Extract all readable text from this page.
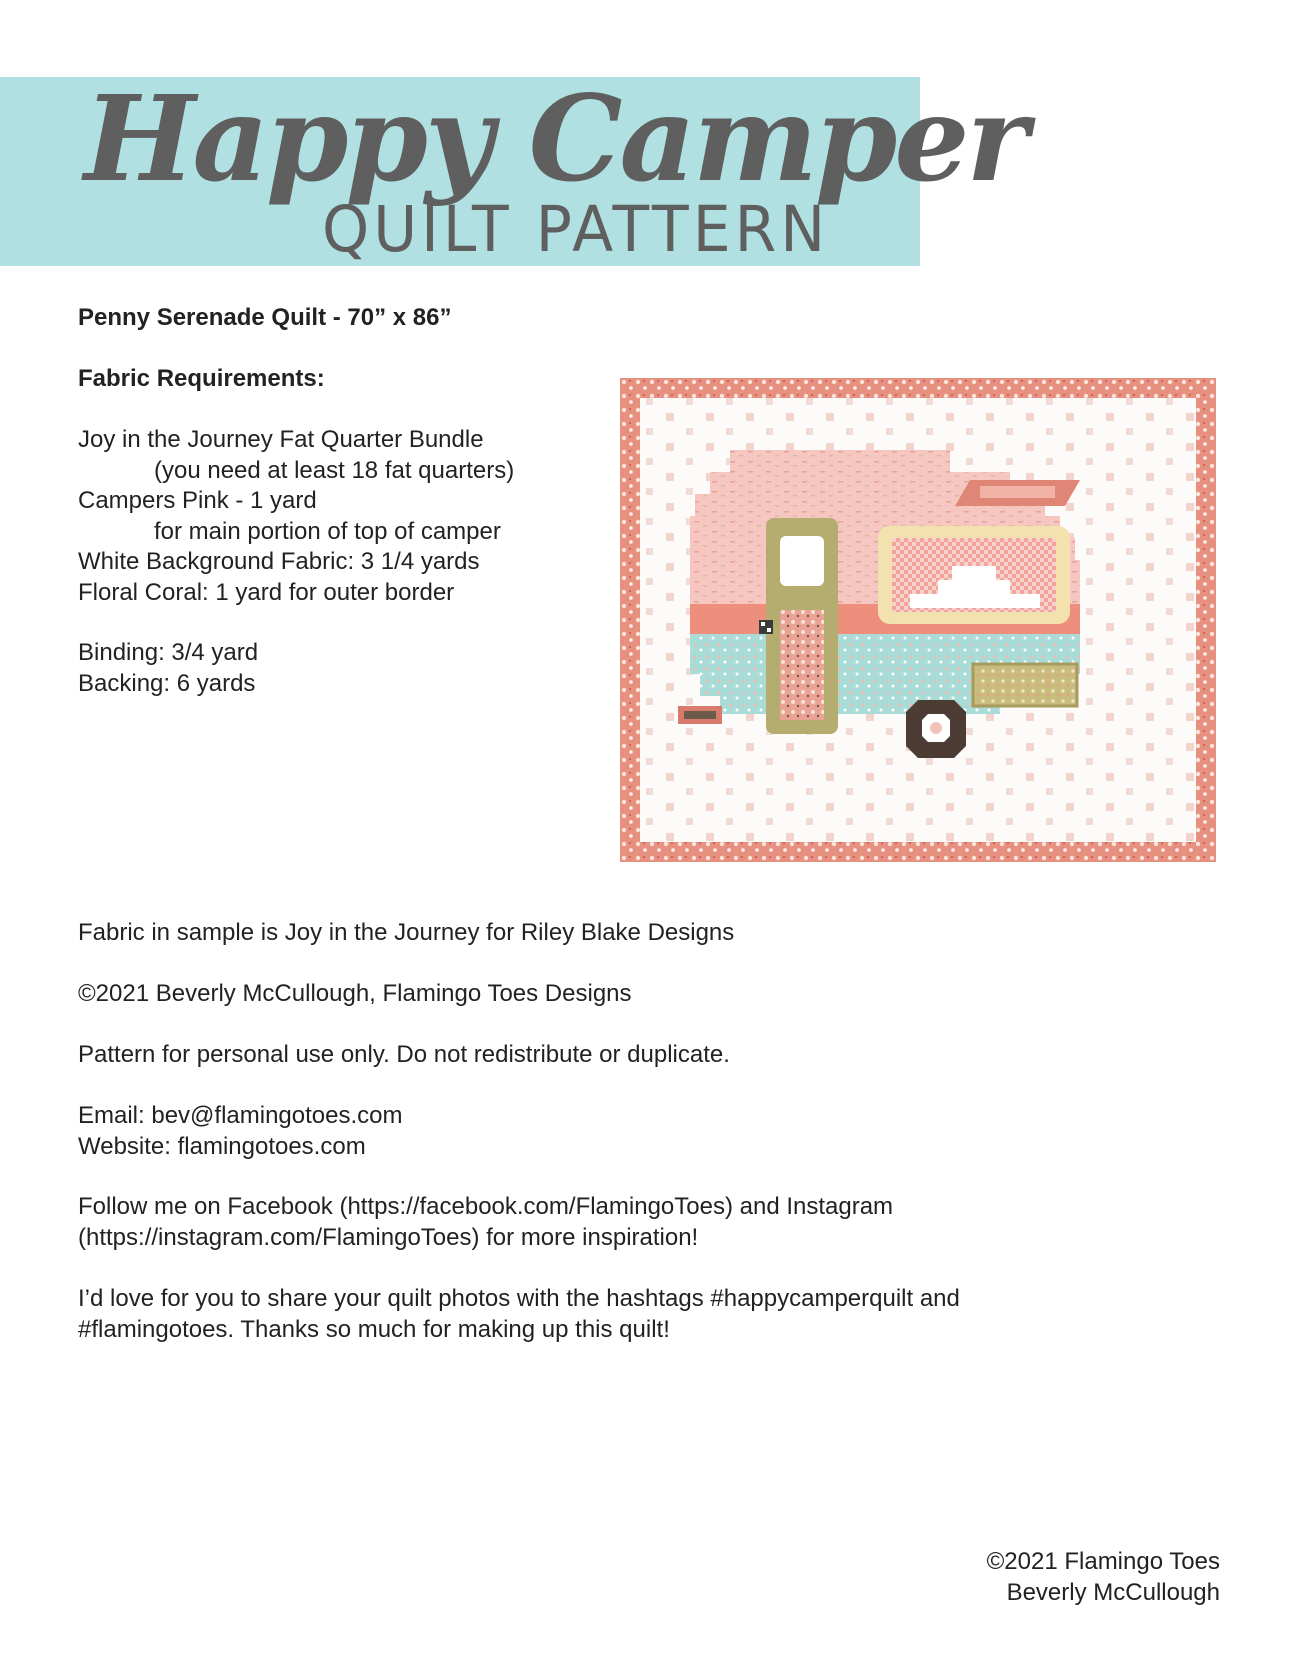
Happy Camper
QUILT PATTERN
Penny Serenade Quilt - 70” x 86”
Fabric Requirements:
Joy in the Journey Fat Quarter Bundle
(you need at least 18 fat quarters)
Campers Pink - 1 yard
for main portion of top of camper
White Background Fabric: 3 1/4 yards
Floral Coral: 1 yard for outer border
Binding: 3/4 yard
Backing: 6 yards
Fabric in sample is Joy in the Journey for Riley Blake Designs
©2021 Beverly McCullough, Flamingo Toes Designs
Pattern for personal use only. Do not redistribute or duplicate.
Email: bev@flamingotoes.com
Website: flamingotoes.com
Follow me on Facebook (https://facebook.com/FlamingoToes) and Instagram
(https://instagram.com/FlamingoToes) for more inspiration!
I’d love for you to share your quilt photos with the hashtags #happycamperquilt and
#flamingotoes. Thanks so much for making up this quilt!
©2021 Flamingo Toes
Beverly McCullough
